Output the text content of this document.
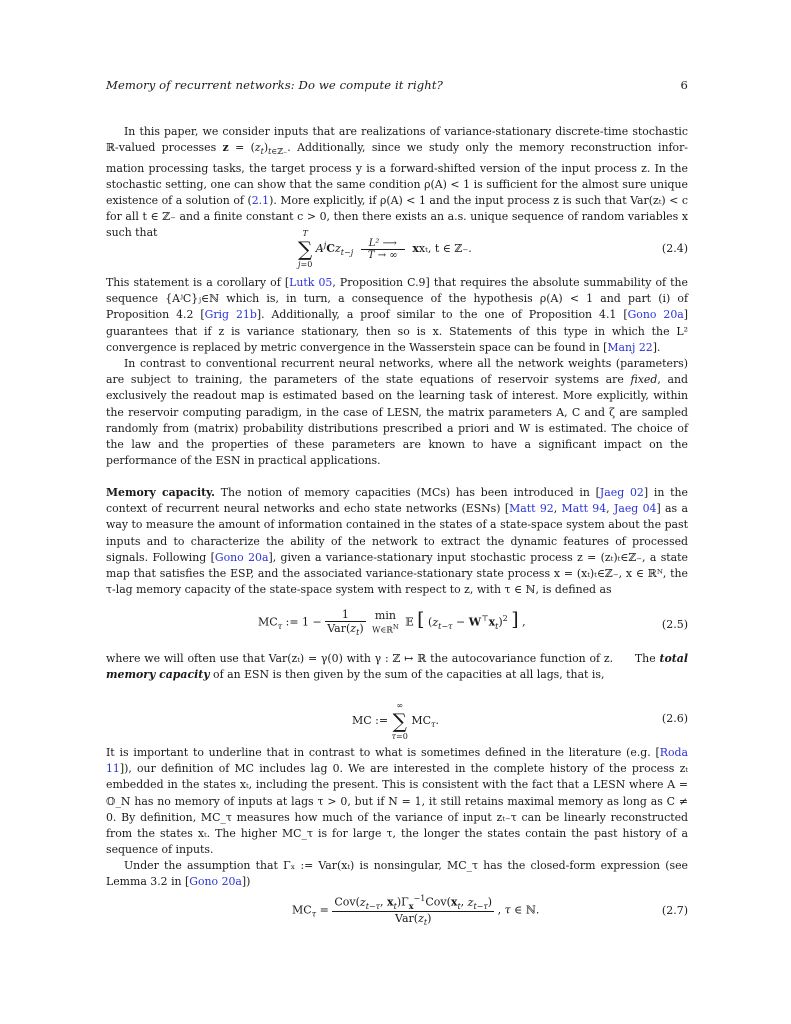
Memory of recurrent networks: Do we compute it right?	6
In this paper, we consider inputs that are realizations of variance-stationary discrete-time stochastic ℝ-valued processes $z = (z_t)_{t\in ℤ_-}$. Additionally, since we study only the memory reconstruction infor- mation processing tasks, the target process y is a forward-shifted version of the input process z. In the stochastic setting, one can show that the same condition ρ(A) < 1 is sufficient for the almost sure unique existence of a solution of (2.1). More explicitly, if ρ(A) < 1 and the input process z is such that Var(zₜ) < c for all t ∈ ℤ₋ and a finite constant c > 0, then there exists an a.s. unique sequence of random variables x such that	T
∑
j=0
$A^jCz_{t-j} \frac{\text{L² ⟶}}{T \to \infty} xx_t$, t ∈ ℤ₋.	(2.4)
This statement is a corollary of [Lutk 05, Proposition C.9] that requires the absolute summability of the sequence {AʲC}ⱼ∈ℕ which is, in turn, a consequence of the hypothesis ρ(A) < 1 and part (i) of Proposition 4.2 [Grig 21b]. Additionally, a proof similar to the one of Proposition 4.1 [Gono 20a] guarantees that if z is variance stationary, then so is x. Statements of this type in which the L² convergence is replaced by metric convergence in the Wasserstein space can be found in [Manj 22].
In contrast to conventional recurrent neural networks, where all the network weights (parameters) are subject to training, the parameters of the state equations of reservoir systems are fixed, and exclusively the readout map is estimated based on the learning task of interest. More explicitly, within the reservoir computing paradigm, in the case of LESN, the matrix parameters A, C and ζ are sampled randomly from (matrix) probability distributions prescribed a priori and W is estimated. The choice of the law and the properties of these parameters are known to have a significant impact on the performance of the ESN in practical applications.
Memory capacity. The notion of memory capacities (MCs) has been introduced in [Jaeg 02] in the context of recurrent neural networks and echo state networks (ESNs) [Matt 92, Matt 94, Jaeg 04] as a way to measure the amount of information contained in the states of a state-space system about the past inputs and to characterize the ability of the network to extract the dynamic features of processed signals. Following [Gono 20a], given a variance-stationary input stochastic process z = (zₜ)ₜ∈ℤ₋, a state map that satisfies the ESP, and the associated variance-stationary state process x = (xₜ)ₜ∈ℤ₋, x ∈ ℝᴺ, the τ-lag memory capacity of the state-space system with respect to z, with τ ∈ ℕ, is defined as
$MC_\tau$ := $1 - \frac{1}{Var(z_t)}$
min
W∈ℝ$^N$ 𝔼 [ $(z_{t-\tau} - W^⊤x_t)^2$ ] ,	(2.5)
where we will often use that Var(zₜ) = γ(0) with γ : ℤ ↦ ℝ the autocovariance function of z. The total memory capacity of an ESN is then given by the sum of the capacities at all lags, that is,
MC :=
∞
∑
τ=0
$MC_\tau$.	(2.6)
It is important to underline that in contrast to what is sometimes defined in the literature (e.g. [Roda 11]), our definition of MC includes lag 0. We are interested in the complete history of the process zₜ embedded in the states xₜ, including the present. This is consistent with the fact that a LESN where A = 𝕆_N has no memory of inputs at lags τ > 0, but if N = 1, it still retains maximal memory as long as C ≠ 0. By definition, MC_τ measures how much of the variance of input zₜ₋τ can be linearly reconstructed from the states xₜ. The higher MC_τ is for large τ, the longer the states contain the past history of a sequence of inputs.
Under the assumption that Γₓ := Var(xₜ) is nonsingular, MC_τ has the closed-form expression (see Lemma 3.2 in [Gono 20a])
$MC_\tau = \frac{Cov(z_{t-\tau}, x_t)\Gamma_x^{-1}Cov(x_t, z_{t-\tau})}{Var(z_t)}$ , τ ∈ ℕ.	(2.7)
